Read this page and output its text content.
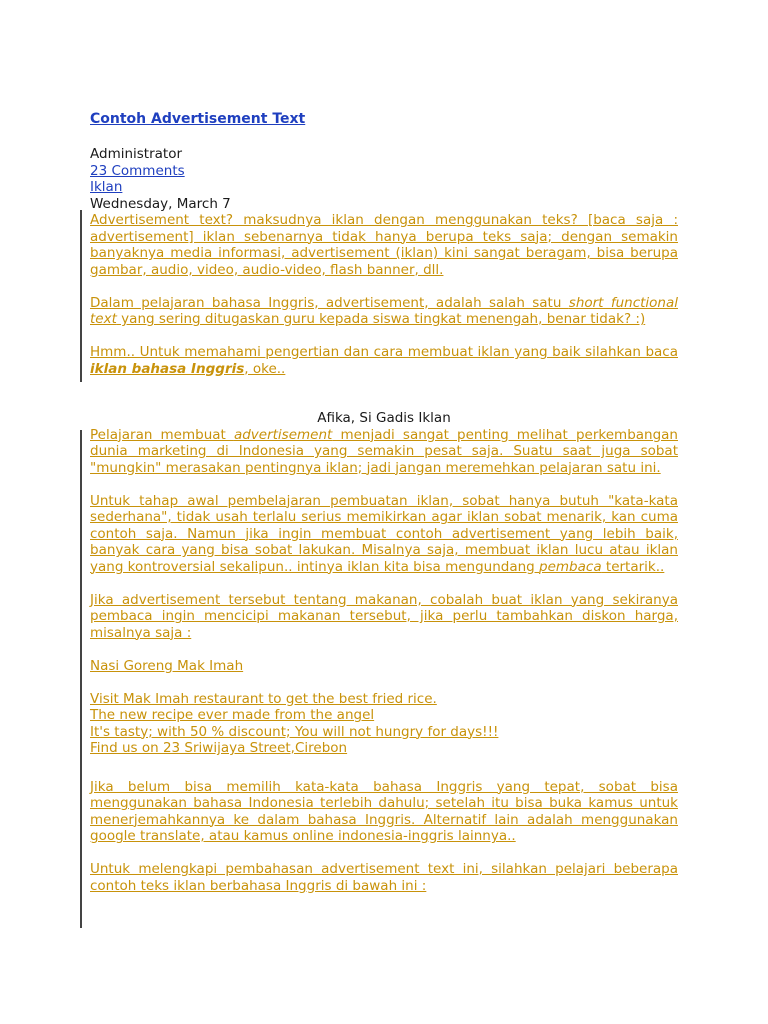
Contoh Advertisement Text
Administrator
23 Comments
Iklan
Wednesday, March 7

Advertisement text? maksudnya iklan dengan menggunakan teks? [baca saja : advertisement] iklan sebenarnya tidak hanya berupa teks saja; dengan semakin banyaknya media informasi, advertisement (iklan) kini sangat beragam, bisa berupa gambar, audio, video, audio-video, flash banner, dll.

Dalam pelajaran bahasa Inggris, advertisement, adalah salah satu short functional text yang sering ditugaskan guru kepada siswa tingkat menengah, benar tidak? :)

Hmm.. Untuk memahami pengertian dan cara membuat iklan yang baik silahkan baca iklan bahasa Inggris, oke..

Afika, Si Gadis Iklan

Pelajaran membuat advertisement menjadi sangat penting melihat perkembangan dunia marketing di Indonesia yang semakin pesat saja. Suatu saat juga sobat "mungkin" merasakan pentingnya iklan; jadi jangan meremehkan pelajaran satu ini.

Untuk tahap awal pembelajaran pembuatan iklan, sobat hanya butuh "kata-kata sederhana", tidak usah terlalu serius memikirkan agar iklan sobat menarik, kan cuma contoh saja. Namun jika ingin membuat contoh advertisement yang lebih baik, banyak cara yang bisa sobat lakukan. Misalnya saja, membuat iklan lucu atau iklan yang kontroversial sekalipun.. intinya iklan kita bisa mengundang pembaca tertarik..

Jika advertisement tersebut tentang makanan, cobalah buat iklan yang sekiranya pembaca ingin mencicipi makanan tersebut, jika perlu tambahkan diskon harga, misalnya saja :

Nasi Goreng Mak Imah

Visit Mak Imah restaurant to get the best fried rice.

The new recipe ever made from the angel

It's tasty; with 50 % discount; You will not hungry for days!!!

Find us on 23 Sriwijaya Street,Cirebon

Jika belum bisa memilih kata-kata bahasa Inggris yang tepat, sobat bisa menggunakan bahasa Indonesia terlebih dahulu; setelah itu bisa buka kamus untuk menerjemahkannya ke dalam bahasa Inggris. Alternatif lain adalah menggunakan google translate, atau kamus online indonesia-inggris lainnya..

Untuk melengkapi pembahasan advertisement text ini, silahkan pelajari beberapa contoh teks iklan berbahasa Inggris di bawah ini :
